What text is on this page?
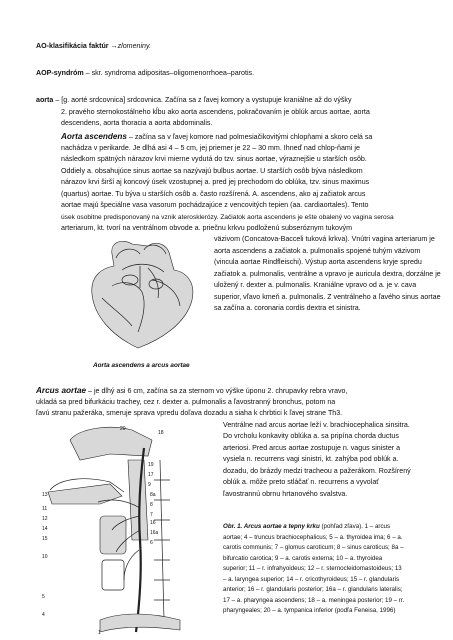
AO-klasifikácia faktúr →zlomeniny.
AOP-syndróm – skr. syndroma adipositas–oligomenorrhoea–parotis.
aorta – [g. aorté srdcovnica] srdcovnica. Začína sa z ľavej komory a vystupuje kraniálne až do výšky
2. pravého sternokostálneho kĺbu ako aorta ascendens, pokračovaním je oblúk arcus aortae, aorta
descendens, aorta thoracia a aorta abdominalis.
Aorta ascendens – začína sa v ľavej komore nad polmesiačikovitými chlopňami a skoro celá sa
nachádza v perikarde. Je dlhá asi 4 – 5 cm, jej priemer je 22 – 30 mm. Ihneď nad chlop-ňami je
následkom spätných nárazov krvi mierne vydutá do tzv. sinus aortae, výraznejšie u starších osôb.
Oddiely a. obsahujúce sinus aortae sa nazývajú bulbus aortae. U starších osôb býva následkom
nárazov krvi širší aj koncový úsek vzostupnej a. pred jej prechodom do oblúka, tzv. sinus maximus
(quartus) aortae. Tu býva u starších osôb a. často rozšírená. A. ascendens, ako aj začiatok arcus
aortae majú špeciálne vasa vasorum pochádzajúce z vencovitých tepien (aa. cardiaortales). Tento
úsek osobitne predisponovaný na vznik aterosklerózy. Začiatok aorta ascendens je ešte obalený vo vagina serosa
arteriarum, kt. tvorí na ventrálnom obvode a. priečnu krkvu podloženú subseróznym tukovým
väzivom (Concatova-Bacceli tuková krkva). Vnútri vagina arteriarum je
aorta ascendens a začiatok a. pulmonalis spojené tuhým väzivom
(vincula aortae Rindfleischi). Výstup aorta ascendens kryje spredu
začiatok a. pulmonalis, ventrálne a vpravo je auricula dextra, dorzálne je
uložený r. dexter a. pulmonalis. Kraniálne vpravo od a. je v. cava
superior, vľavo kmeň a. pulmonalis. Z ventrálneho a ľavého sinus aortae
sa začína a. coronaria cordis dextra et sinistra.
Aorta ascendens a arcus aortae
Arcus aortae – je dlhý asi 6 cm, začína sa za sternom vo výške úponu 2. chrupavky rebra vravo,
ukladá sa pred bifurkáciu trachey, cez r. dexter a. pulmonalis a ľavostranný bronchus, potom na
ľavú stranu pažeráka, smeruje sprava vpredu doľava dozadu a siaha k chrbtici k ľavej strane Th3.
Ventrálne nad arcus aortae leží v. brachiocephalica sinsitra.
Do vrcholu konkavity oblúka a. sa pripína chorda ductus
arteriosi. Pred arcus aortae zostupuje n. vagus sinister a
vysiela n. recurrens vagi sinistri, kt. zahýba pod oblúk a.
dozadu, do brázdy medzi tracheou a pažerákom. Rozšírený
oblúk a. môže preto stláčať n. recurrens a vyvolať
ľavostrannú obrnu hrtanového svalstva.
20
18
19
17
9
8a
8
7
6
14
15
16
16a
10
11
12
13
5
4
1
Obr. 1. Arcus aortae a tepny krku (pohľad zľava). 1 – arcus
aortae; 4 – truncus brachiocephalicus; 5 – a. thyroidea ima; 6 – a.
carotis communis; 7 – glomus caroticum; 8 – sinus caroticus; 8a –
bifurcatio carotica; 9 – a. carotis externa; 10 – a. thyroidea
superior; 11 – r. infrahyoideus; 12 – r. sternocleidomastoideus; 13
– a. laryngea superior; 14 – r. cricothyroideus; 15 – r. glandularis
anterior; 16 – r. glandularis posterior; 16a – r. glandularis lateralis;
17 – a. pharyngea ascendens; 18 – a. meningea posterior; 19 – rr.
pharyngeales; 20 – a. tympanica inferior (podľa Feneisa, 1996)
